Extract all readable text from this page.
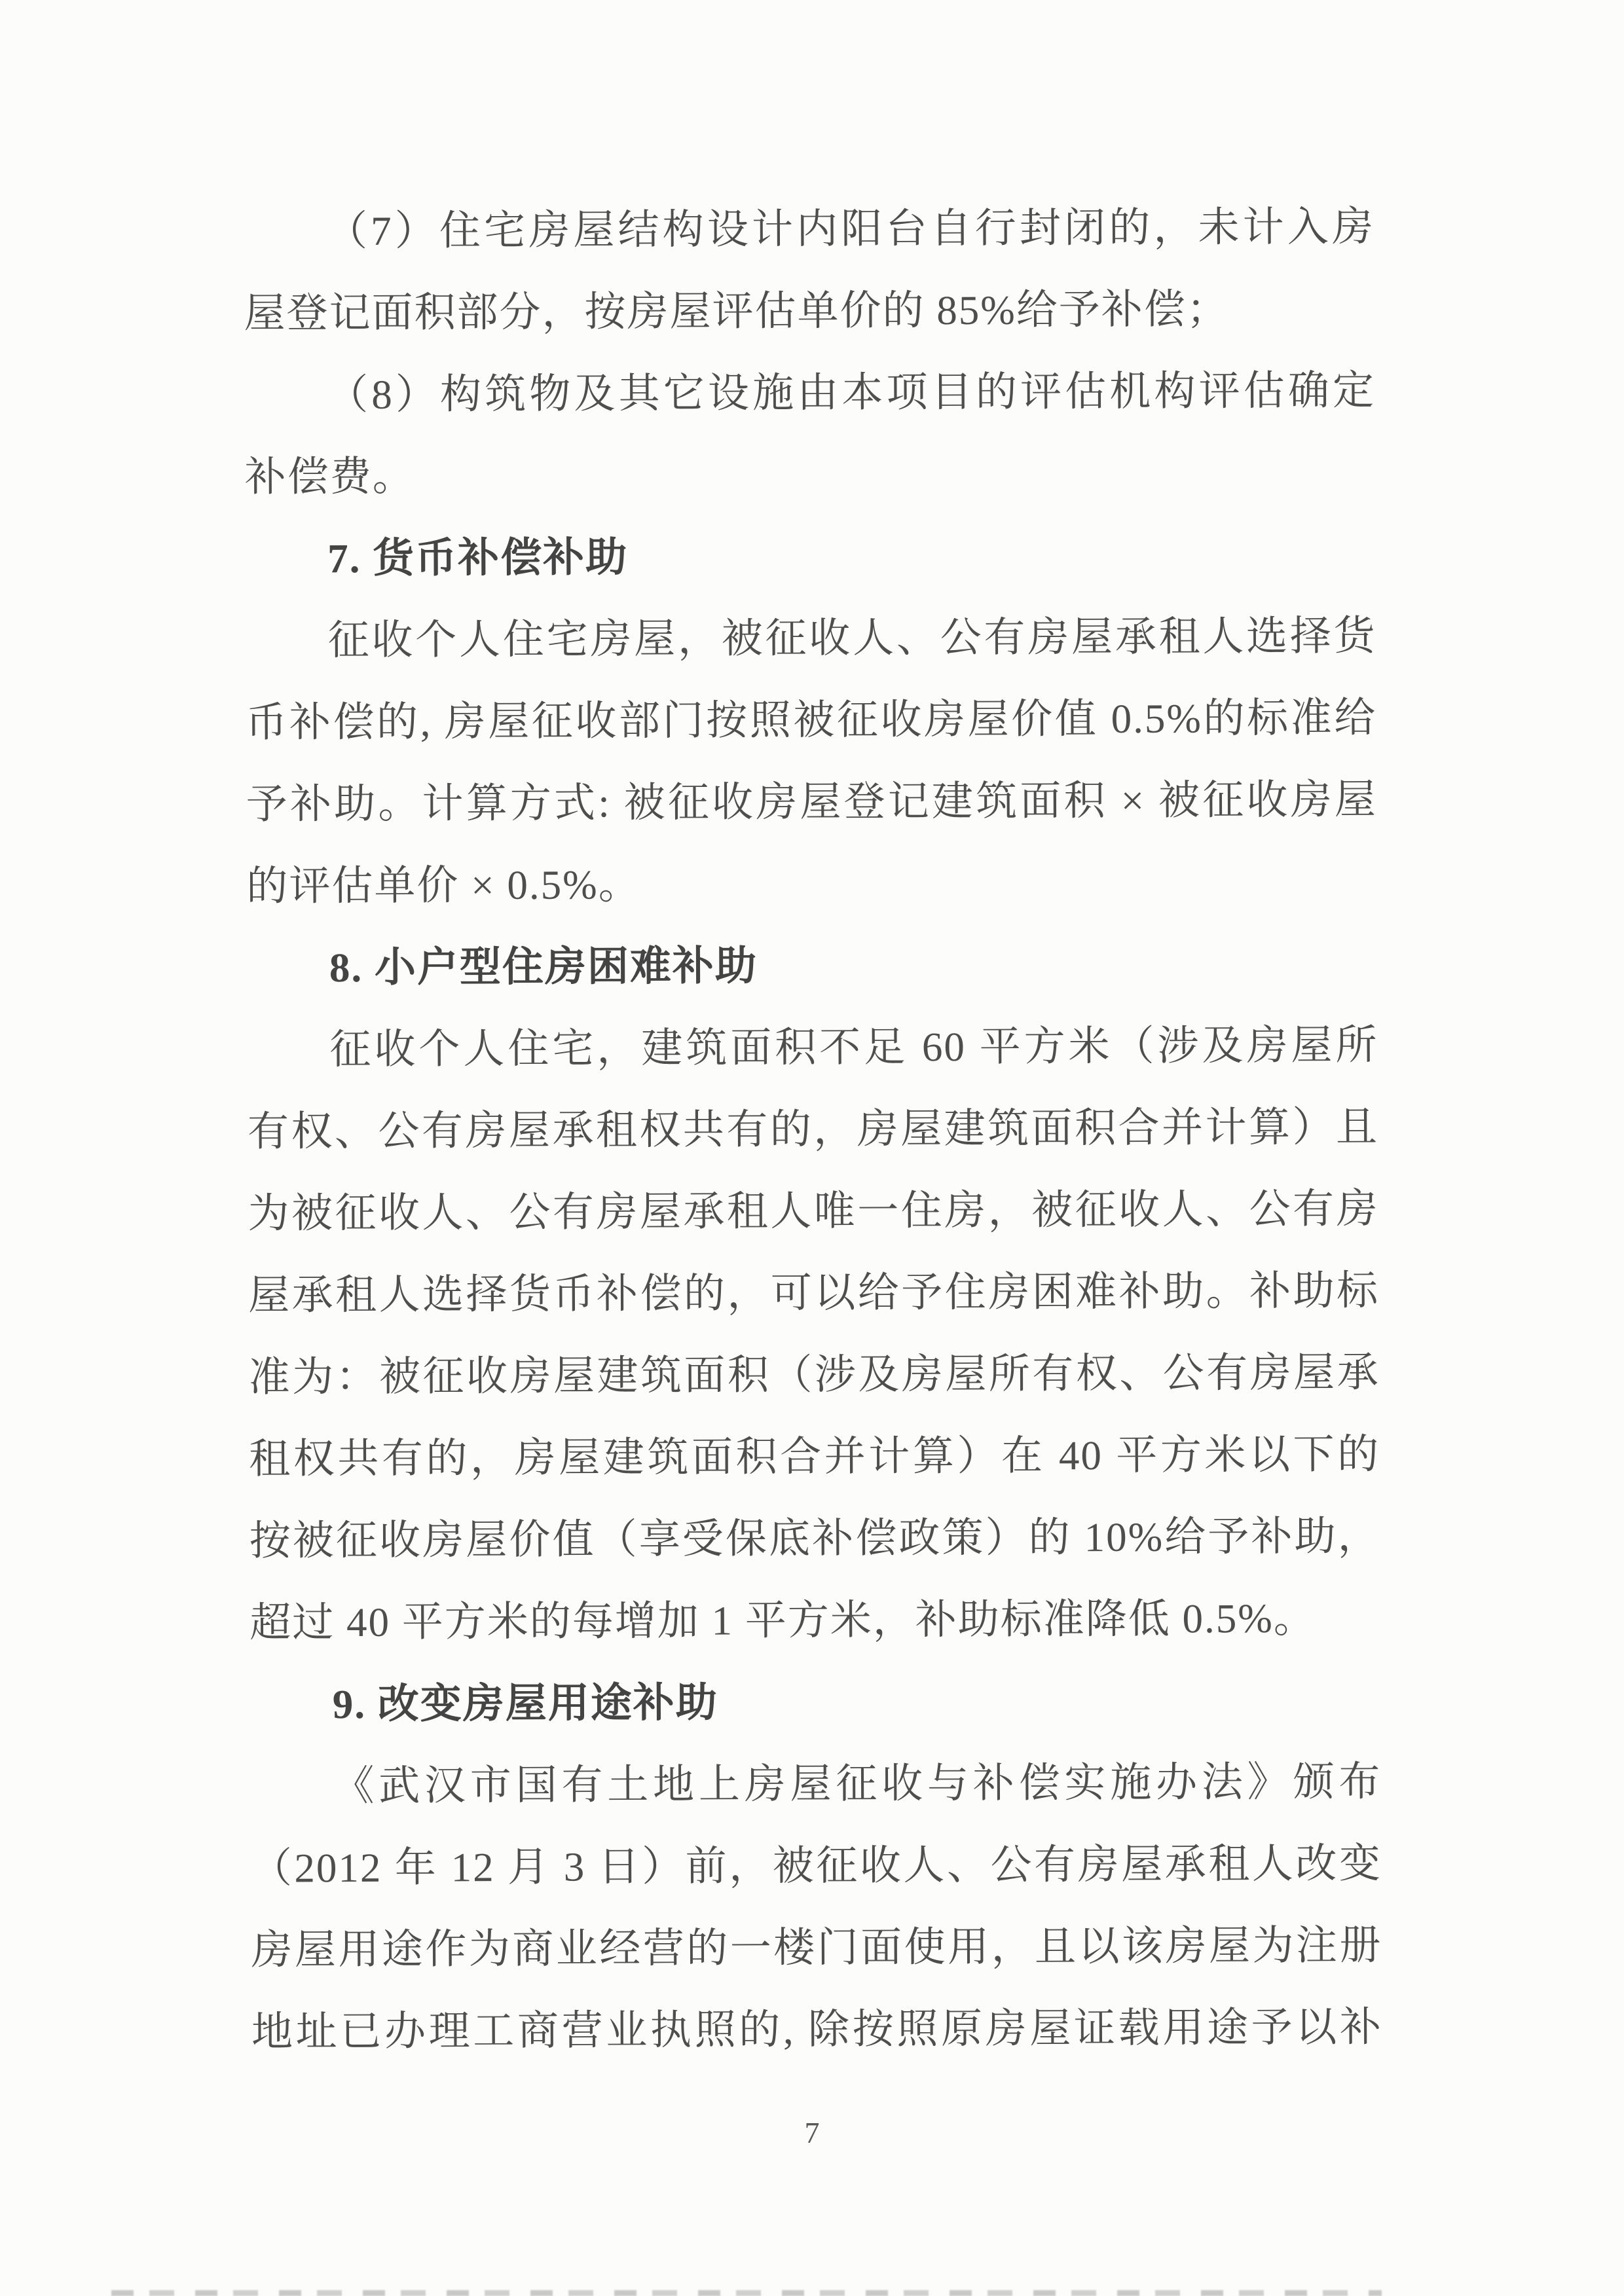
（7）住宅房屋结构设计内阳台自行封闭的，未计入房
屋登记面积部分，按房屋评估单价的 85%给予补偿；
（8）构筑物及其它设施由本项目的评估机构评估确定
补偿费。
7. 货币补偿补助
征收个人住宅房屋，被征收人、公有房屋承租人选择货
币补偿的, 房屋征收部门按照被征收房屋价值 0.5%的标准给
予补助。计算方式: 被征收房屋登记建筑面积 × 被征收房屋
的评估单价 × 0.5%。
8. 小户型住房困难补助
征收个人住宅，建筑面积不足 60 平方米（涉及房屋所
有权、公有房屋承租权共有的，房屋建筑面积合并计算）且
为被征收人、公有房屋承租人唯一住房，被征收人、公有房
屋承租人选择货币补偿的，可以给予住房困难补助。补助标
准为：被征收房屋建筑面积（涉及房屋所有权、公有房屋承
租权共有的，房屋建筑面积合并计算）在 40 平方米以下的
按被征收房屋价值（享受保底补偿政策）的 10%给予补助，
超过 40 平方米的每增加 1 平方米，补助标准降低 0.5%。
9. 改变房屋用途补助
《武汉市国有土地上房屋征收与补偿实施办法》颁布
（2012 年 12 月 3 日）前，被征收人、公有房屋承租人改变
房屋用途作为商业经营的一楼门面使用，且以该房屋为注册
地址已办理工商营业执照的, 除按照原房屋证载用途予以补
7
